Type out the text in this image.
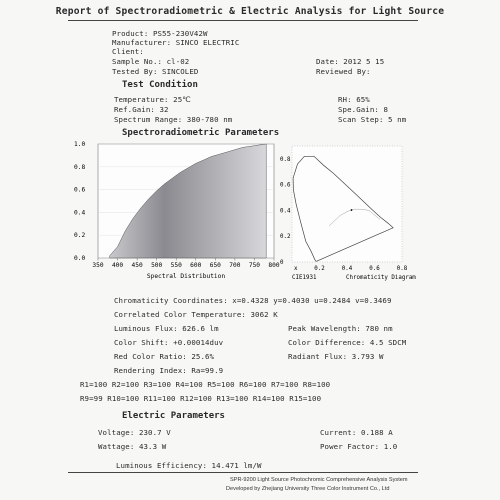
Report of Spectroradiometric & Electric Analysis for Light Source
Product: PS55-230V42W
Manufacturer: SINCO ELECTRIC
Client:
Sample No.: cl-02
Tested By: SINCOLED
Date: 2012 5 15
Reviewed By:
Test Condition
Temperature: 25℃	RH: 65%
Ref.Gain: 32	Spe.Gain: 8
Spectrum Range: 380-780 nm	Scan Step: 5 nm
Spectroradiometric Parameters
1.0
0.8
0.6
0.4
0.2
0.0
350 400 450 500 550 600 650 700 750 800
Spectral Distribution
0.8
0.6
0.4
0.2
0
x	0.2	0.4	0.6	0.8
CIE1931	Chromaticity Diagram
Chromaticity Coordinates: x=0.4328 y=0.4030 u=0.2484 v=0.3469
Correlated Color Temperature: 3062 K
Luminous Flux: 626.6 lm	Peak Wavelength: 780 nm
Color Shift: +0.00014duv	Color Difference: 4.5 SDCM
Red Color Ratio: 25.6%	Radiant Flux: 3.793 W
Rendering Index: Ra=99.9
R1=100 R2=100 R3=100 R4=100 R5=100 R6=100 R7=100 R8=100
R9=99 R10=100 R11=100 R12=100 R13=100 R14=100 R15=100
Electric Parameters
Voltage: 230.7 V	Current: 0.188 A
Wattage: 43.3 W	Power Factor: 1.0
Luminous Efficiency: 14.471 lm/W
SPR-9200 Light Source Photochromic Comprehensive Analysis System
Developed by Zhejiang University Three Color Instrument Co., Ltd
